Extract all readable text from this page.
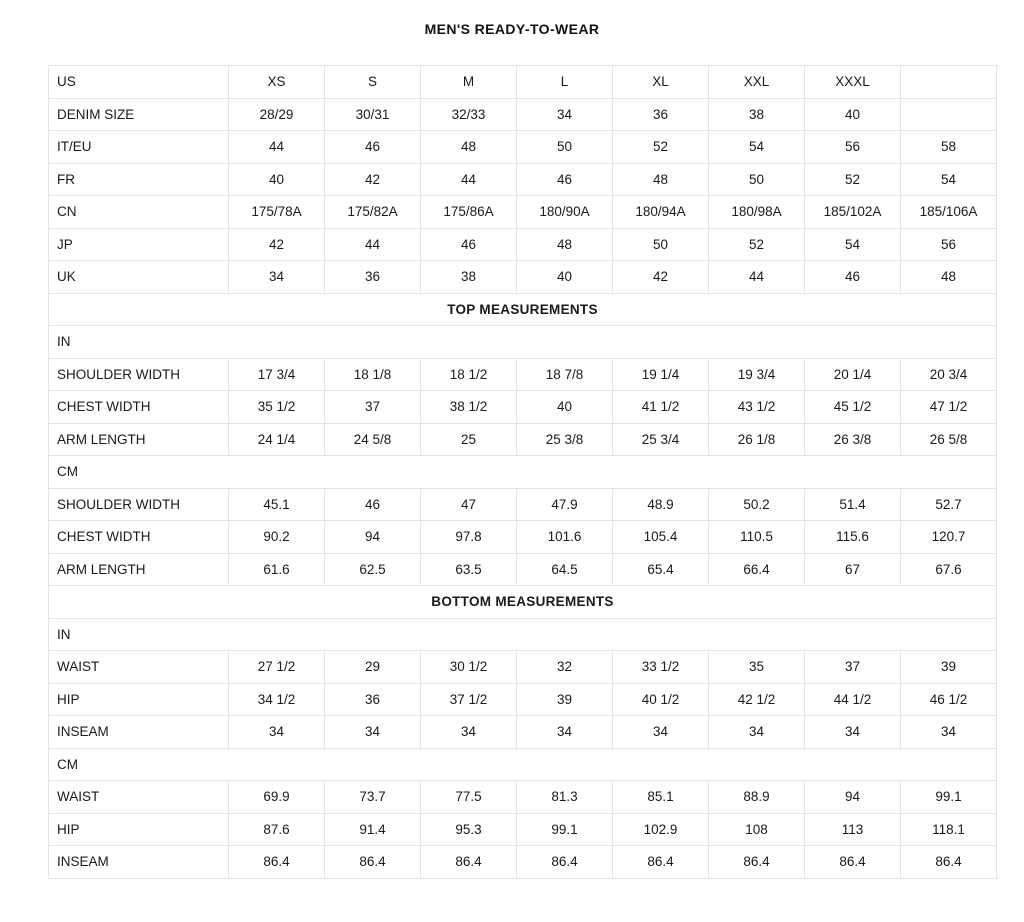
MEN'S READY-TO-WEAR
US	XS	S	M	L	XL	XXL	XXXL	
DENIM SIZE	28/29	30/31	32/33	34	36	38	40	
IT/EU	44	46	48	50	52	54	56	58
FR	40	42	44	46	48	50	52	54
CN	175/78A	175/82A	175/86A	180/90A	180/94A	180/98A	185/102A	185/106A
JP	42	44	46	48	50	52	54	56
UK	34	36	38	40	42	44	46	48
TOP MEASUREMENTS								
IN								
SHOULDER WIDTH	17 3/4	18 1/8	18 1/2	18 7/8	19 1/4	19 3/4	20 1/4	20 3/4
CHEST WIDTH	35 1/2	37	38 1/2	40	41 1/2	43 1/2	45 1/2	47 1/2
ARM LENGTH	24 1/4	24 5/8	25	25 3/8	25 3/4	26 1/8	26 3/8	26 5/8
CM								
SHOULDER WIDTH	45.1	46	47	47.9	48.9	50.2	51.4	52.7
CHEST WIDTH	90.2	94	97.8	101.6	105.4	110.5	115.6	120.7
ARM LENGTH	61.6	62.5	63.5	64.5	65.4	66.4	67	67.6
BOTTOM MEASUREMENTS								
IN								
WAIST	27 1/2	29	30 1/2	32	33 1/2	35	37	39
HIP	34 1/2	36	37 1/2	39	40 1/2	42 1/2	44 1/2	46 1/2
INSEAM	34	34	34	34	34	34	34	34
CM								
WAIST	69.9	73.7	77.5	81.3	85.1	88.9	94	99.1
HIP	87.6	91.4	95.3	99.1	102.9	108	113	118.1
INSEAM	86.4	86.4	86.4	86.4	86.4	86.4	86.4	86.4
